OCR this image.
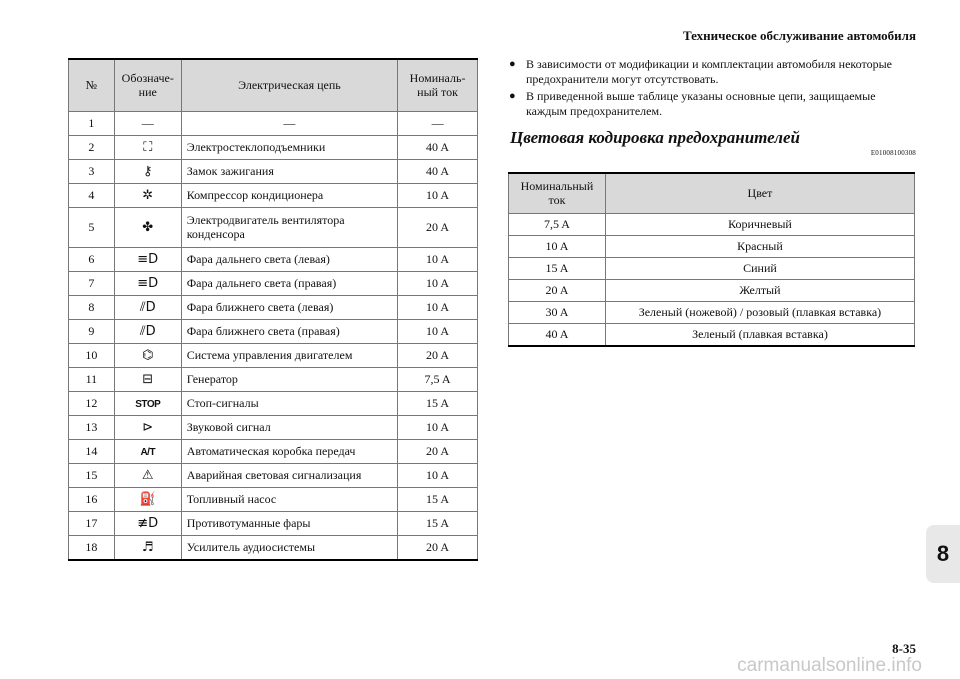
Техническое обслуживание автомобиля
№	Обозначе-ние	Электрическая цепь	Номиналь-ный ток
1	—	—	—
2	⛶	Электростеклоподъемники	40 A
3	⚷	Замок зажигания	40 A
4	✲	Компрессор кондиционера	10 A
5	✤	Электродвигатель вентилятора конденсора	20 A
6	≡D	Фара дальнего света (левая)	10 A
7	≡D	Фара дальнего света (правая)	10 A
8	⫽D	Фара ближнего света (левая)	10 A
9	⫽D	Фара ближнего света (правая)	10 A
10	⌬	Система управления двигателем	20 A
11	⊟	Генератор	7,5 A
12	STOP	Стоп-сигналы	15 A
13	⊳	Звуковой сигнал	10 A
14	A/T	Автоматическая коробка передач	20 A
15	⚠	Аварийная световая сигнализация	10 A
16	⛽	Топливный насос	15 A
17	≢D	Противотуманные фары	15 A
18	♬	Усилитель аудиосистемы	20 A
● В зависимости от модификации и комплектации автомобиля некоторые предохранители могут отсутствовать.
● В приведенной выше таблице указаны основные цепи, защищаемые каждым предохранителем.
Цветовая кодировка предохранителей
E01008100308
Номинальный ток	Цвет
7,5 A	Коричневый
10 A	Красный
15 A	Синий
20 A	Желтый
30 A	Зеленый (ножевой) / розовый (плавкая вставка)
40 A	Зеленый (плавкая вставка)
8
8-35
carmanualsonline.info
